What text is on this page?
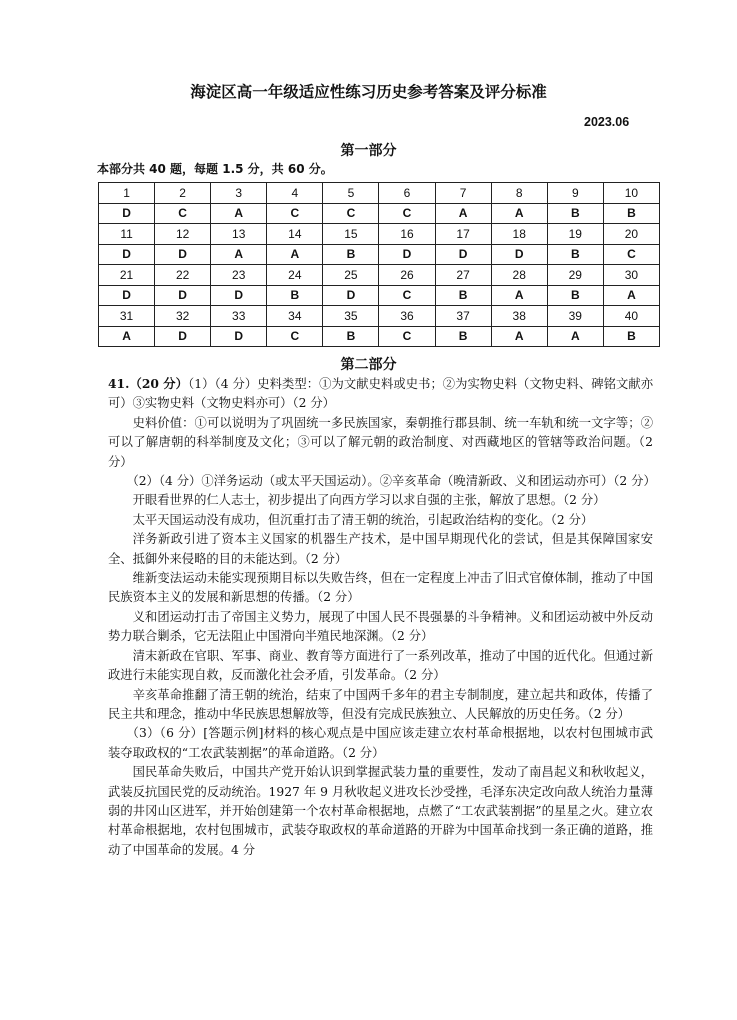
海淀区高一年级适应性练习历史参考答案及评分标准
2023.06
第一部分
本部分共 40 题，每题 1.5 分，共 60 分。
1	2	3	4	5	6	7	8	9	10
D	C	A	C	C	C	A	A	B	B
11	12	13	14	15	16	17	18	19	20
D	D	A	A	B	D	D	D	B	C
21	22	23	24	25	26	27	28	29	30
D	D	D	B	D	C	B	A	B	A
31	32	33	34	35	36	37	38	39	40
A	D	D	C	B	C	B	A	A	B
第二部分

41.（20 分）（1）（4 分）史料类型：①为文献史料或史书；②为实物史料（文物史料、碑铭文献亦可）③实物史料（文物史料亦可）（2 分）

史料价值：①可以说明为了巩固统一多民族国家，秦朝推行郡县制、统一车轨和统一文字等；②可以了解唐朝的科举制度及文化；③可以了解元朝的政治制度、对西藏地区的管辖等政治问题。（2 分）

（2）（4 分）①洋务运动（或太平天国运动）。②辛亥革命（晚清新政、义和团运动亦可）（2 分）

开眼看世界的仁人志士，初步提出了向西方学习以求自强的主张，解放了思想。（2 分）

太平天国运动没有成功，但沉重打击了清王朝的统治，引起政治结构的变化。（2 分）

洋务新政引进了资本主义国家的机器生产技术，是中国早期现代化的尝试，但是其保障国家安全、抵御外来侵略的目的未能达到。（2 分）

维新变法运动未能实现预期目标以失败告终，但在一定程度上冲击了旧式官僚体制，推动了中国民族资本主义的发展和新思想的传播。（2 分）

义和团运动打击了帝国主义势力，展现了中国人民不畏强暴的斗争精神。义和团运动被中外反动势力联合剿杀，它无法阻止中国滑向半殖民地深渊。（2 分）

清末新政在官职、军事、商业、教育等方面进行了一系列改革，推动了中国的近代化。但通过新政进行未能实现自救，反而激化社会矛盾，引发革命。（2 分）

辛亥革命推翻了清王朝的统治，结束了中国两千多年的君主专制制度，建立起共和政体，传播了民主共和理念，推动中华民族思想解放等，但没有完成民族独立、人民解放的历史任务。（2 分）

（3）（6 分）[答题示例]材料的核心观点是中国应该走建立农村革命根据地，以农村包围城市武装夺取政权的“工农武装割据”的革命道路。（2 分）

国民革命失败后，中国共产党开始认识到掌握武装力量的重要性，发动了南昌起义和秋收起义，武装反抗国民党的反动统治。1927 年 9 月秋收起义进攻长沙受挫，毛泽东决定改向敌人统治力量薄弱的井冈山区进军，并开始创建第一个农村革命根据地，点燃了“工农武装割据”的星星之火。建立农村革命根据地，农村包围城市，武装夺取政权的革命道路的开辟为中国革命找到一条正确的道路，推动了中国革命的发展。4 分
